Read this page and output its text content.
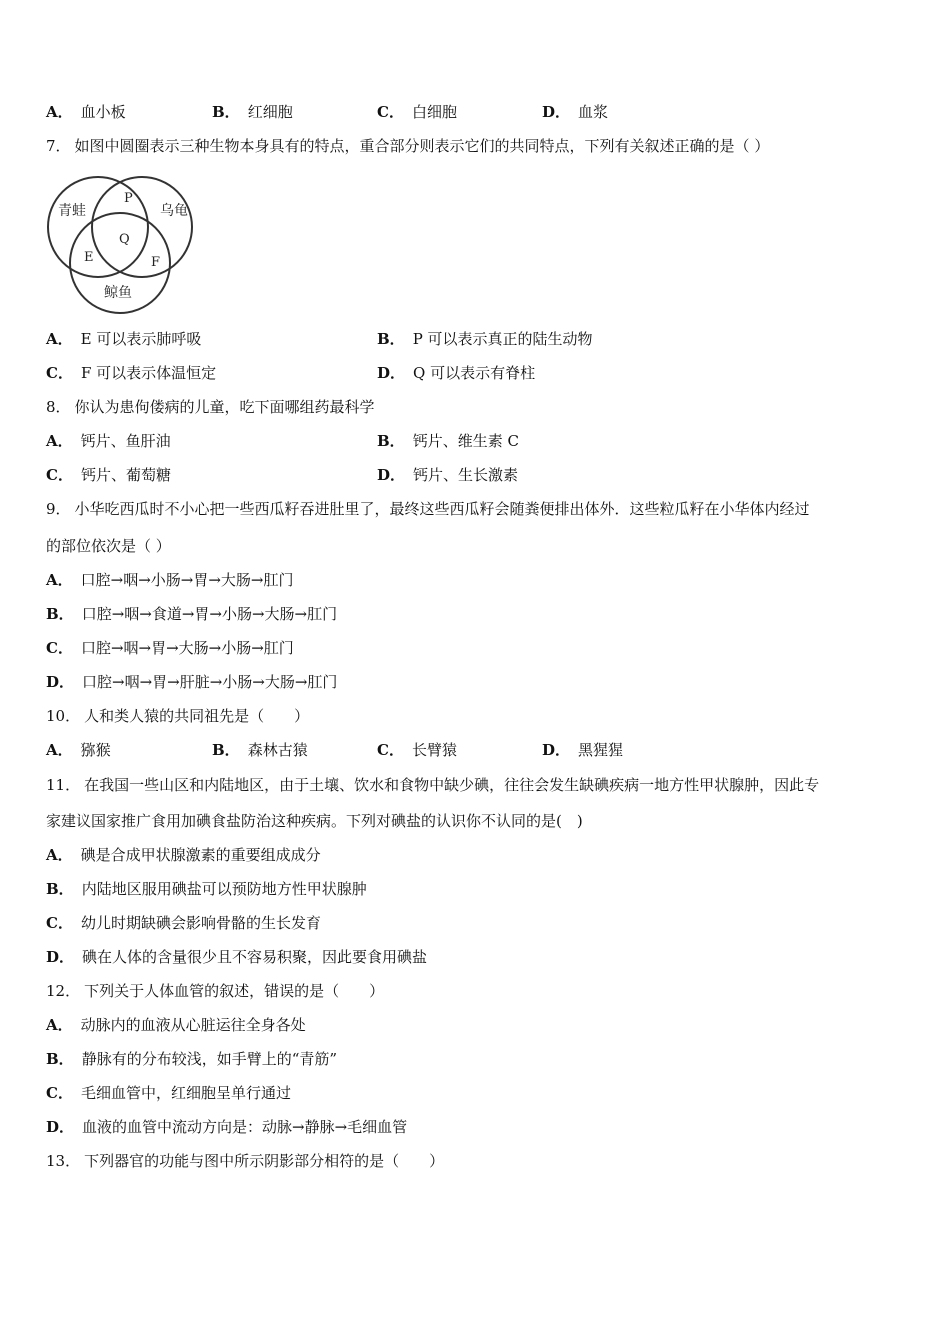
A． 血小板	B． 红细胞	C． 白细胞	D． 血浆
7． 如图中圆圈表示三种生物本身具有的特点，重合部分则表示它们的共同特点，下列有关叙述正确的是（ ）
青蛙	乌龟
鲸鱼
P
Q
E	F
A． E 可以表示肺呼吸	B． P 可以表示真正的陆生动物
C． F 可以表示体温恒定	D． Q 可以表示有脊柱
8． 你认为患佝偻病的儿童，吃下面哪组药最科学
A． 钙片、鱼肝油	B． 钙片、维生素 C
C． 钙片、葡萄糖	D． 钙片、生长激素
9． 小华吃西瓜时不小心把一些西瓜籽吞进肚里了，最终这些西瓜籽会随粪便排出体外．这些粒瓜籽在小华体内经过
的部位依次是（ ）
A． 口腔→咽→小肠→胃→大肠→肛门
B． 口腔→咽→食道→胃→小肠→大肠→肛门
C． 口腔→咽→胃→大肠→小肠→肛门
D． 口腔→咽→胃→肝脏→小肠→大肠→肛门
10． 人和类人猿的共同祖先是（　　）
A． 猕猴	B． 森林古猿	C． 长臂猿	D． 黑猩猩
11． 在我国一些山区和内陆地区，由于土壤、饮水和食物中缺少碘，往往会发生缺碘疾病一地方性甲状腺肿，因此专
家建议国家推广食用加碘食盐防治这种疾病。下列对碘盐的认识你不认同的是(　)
A． 碘是合成甲状腺激素的重要组成成分
B． 内陆地区服用碘盐可以预防地方性甲状腺肿
C． 幼儿时期缺碘会影响骨骼的生长发育
D． 碘在人体的含量很少且不容易积聚，因此要食用碘盐
12． 下列关于人体血管的叙述，错误的是（　　）
A． 动脉内的血液从心脏运往全身各处
B． 静脉有的分布较浅，如手臂上的“青筋”
C． 毛细血管中，红细胞呈单行通过
D． 血液的血管中流动方向是：动脉→静脉→毛细血管
13． 下列器官的功能与图中所示阴影部分相符的是（　　）
